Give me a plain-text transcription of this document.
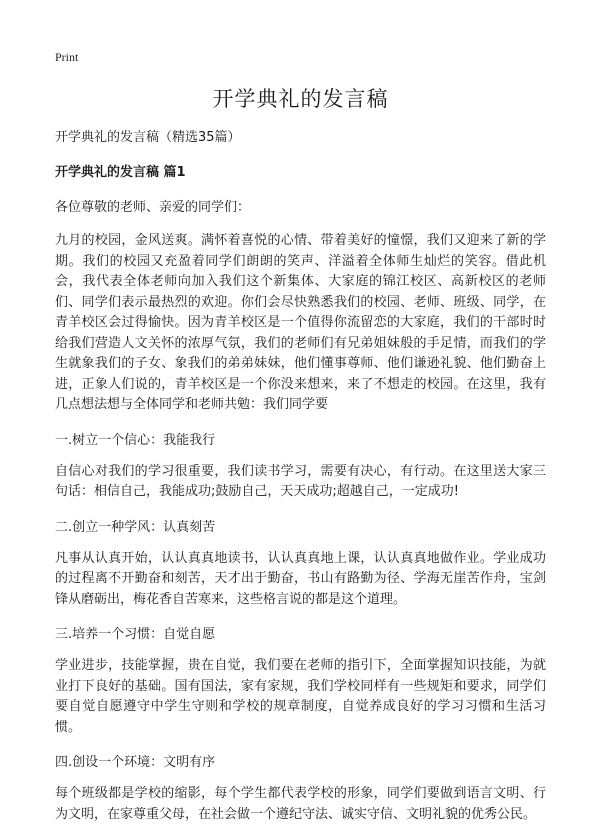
Print
开学典礼的发言稿
开学典礼的发言稿（精选35篇）
开学典礼的发言稿 篇1
各位尊敬的老师、亲爱的同学们：

九月的校园，金风送爽。满怀着喜悦的心情、带着美好的憧憬，我们又迎来了新的学期。我们的校园又充盈着同学们朗朗的笑声、洋溢着全体师生灿烂的笑容。借此机会，我代表全体老师向加入我们这个新集体、大家庭的锦江校区、高新校区的老师们、同学们表示最热烈的欢迎。你们会尽快熟悉我们的校园、老师、班级、同学，在青羊校区会过得愉快。因为青羊校区是一个值得你流留恋的大家庭，我们的干部时时给我们营造人文关怀的浓厚气氛，我们的老师们有兄弟姐妹般的手足情，而我们的学生就象我们的子女、象我们的弟弟妹妹，他们懂事尊师、他们谦逊礼貌、他们勤奋上进，正象人们说的，青羊校区是一个你没来想来，来了不想走的校园。在这里，我有几点想法想与全体同学和老师共勉：我们同学要

一.树立一个信心：我能我行

自信心对我们的学习很重要，我们读书学习，需要有决心，有行动。在这里送大家三句话：相信自己，我能成功;鼓励自己，天天成功;超越自己，一定成功!

二.创立一种学风：认真刻苦

凡事从认真开始，认认真真地读书，认认真真地上课，认认真真地做作业。学业成功的过程离不开勤奋和刻苦，天才出于勤奋，书山有路勤为径、学海无崖苦作舟，宝剑锋从磨砺出，梅花香自苦寒来，这些格言说的都是这个道理。

三.培养一个习惯：自觉自愿

学业进步，技能掌握，贵在自觉，我们要在老师的指引下，全面掌握知识技能，为就业打下良好的基础。国有国法，家有家规，我们学校同样有一些规矩和要求，同学们要自觉自愿遵守中学生守则和学校的规章制度，自觉养成良好的学习习惯和生活习惯。

四.创设一个环境：文明有序

每个班级都是学校的缩影，每个学生都代表学校的形象，同学们要做到语言文明、行为文明，在家尊重父母，在社会做一个遵纪守法、诚实守信、文明礼貌的优秀公民。
